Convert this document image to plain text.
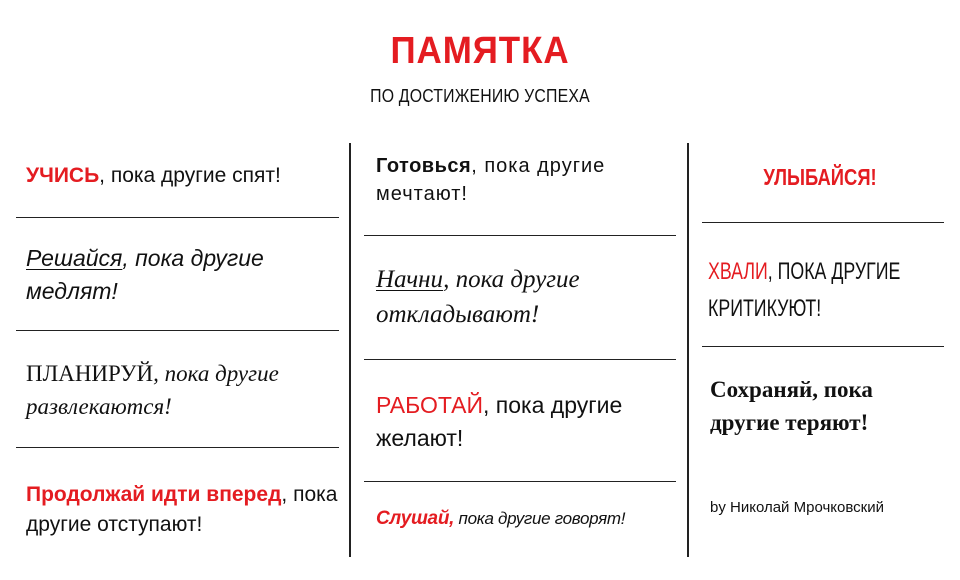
ПАМЯТКА
ПО ДОСТИЖЕНИЮ УСПЕХА
УЧИСЬ, пока другие спят!
Решайся, пока другие медлят!
ПЛАНИРУЙ, пока другие развлекаются!
Продолжай идти вперед, пока другие отступают!
Готовься, пока другие мечтают!
Начни, пока другие откладывают!
РАБОТАЙ, пока другие желают!
Слушай, пока другие говорят!
УЛЫБАЙСЯ!
ХВАЛИ, ПОКА ДРУГИЕ КРИТИКУЮТ!
Сохраняй, пока другие теряют!
by Николай Мрочковский
